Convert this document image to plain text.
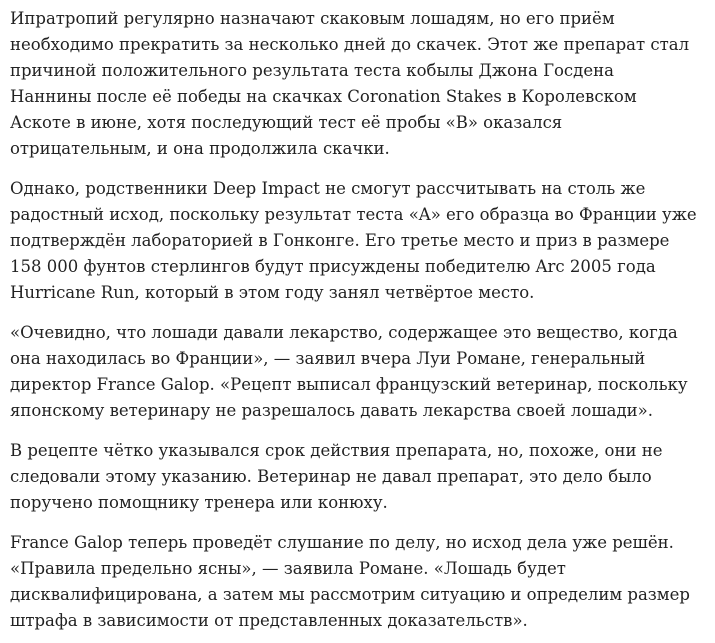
Ипратропий регулярно назначают скаковым лошадям, но его приём
необходимо прекратить за несколько дней до скачек. Этот же препарат стал
причиной положительного результата теста кобылы Джона Госдена
Наннины после её победы на скачках Coronation Stakes в Королевском
Аскоте в июне, хотя последующий тест её пробы «B» оказался
отрицательным, и она продолжила скачки.

Однако, родственники Deep Impact не смогут рассчитывать на столь же
радостный исход, поскольку результат теста «A» его образца во Франции уже
подтверждён лабораторией в Гонконге. Его третье место и приз в размере
158 000 фунтов стерлингов будут присуждены победителю Arc 2005 года
Hurricane Run, который в этом году занял четвёртое место.

«Очевидно, что лошади давали лекарство, содержащее это вещество, когда
она находилась во Франции», — заявил вчера Луи Романе, генеральный
директор France Galop. «Рецепт выписал французский ветеринар, поскольку
японскому ветеринару не разрешалось давать лекарства своей лошади».

В рецепте чётко указывался срок действия препарата, но, похоже, они не
следовали этому указанию. Ветеринар не давал препарат, это дело было
поручено помощнику тренера или конюху.

France Galop теперь проведёт слушание по делу, но исход дела уже решён.
«Правила предельно ясны», — заявила Романе. «Лошадь будет
дисквалифицирована, а затем мы рассмотрим ситуацию и определим размер
штрафа в зависимости от представленных доказательств».
